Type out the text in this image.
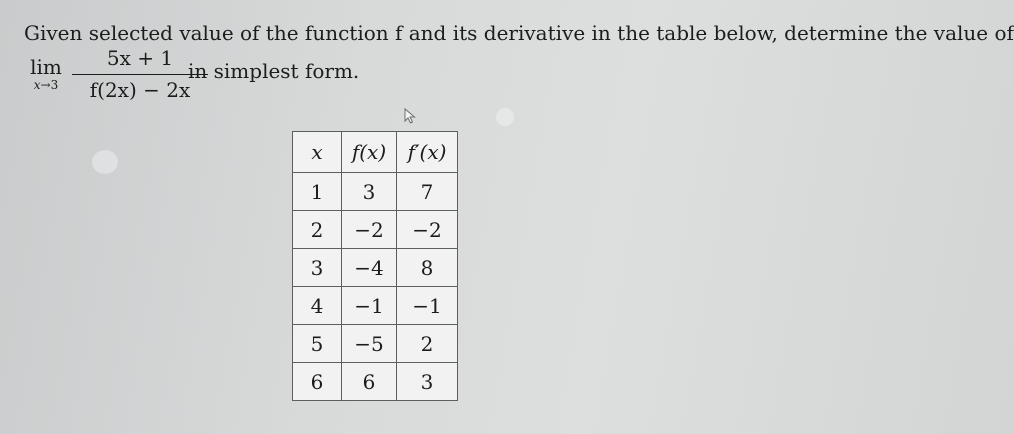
Given selected value of the function f and its derivative in the table below, determine the value of
lim
$x\to 3 \frac{5x + 1}{f(2x) - 2x}$
in simplest form.
x	f(x)	f′(x)
1	3	7
2	−2	−2
3	−4	8
4	−1	−1
5	−5	2
6	6	3
